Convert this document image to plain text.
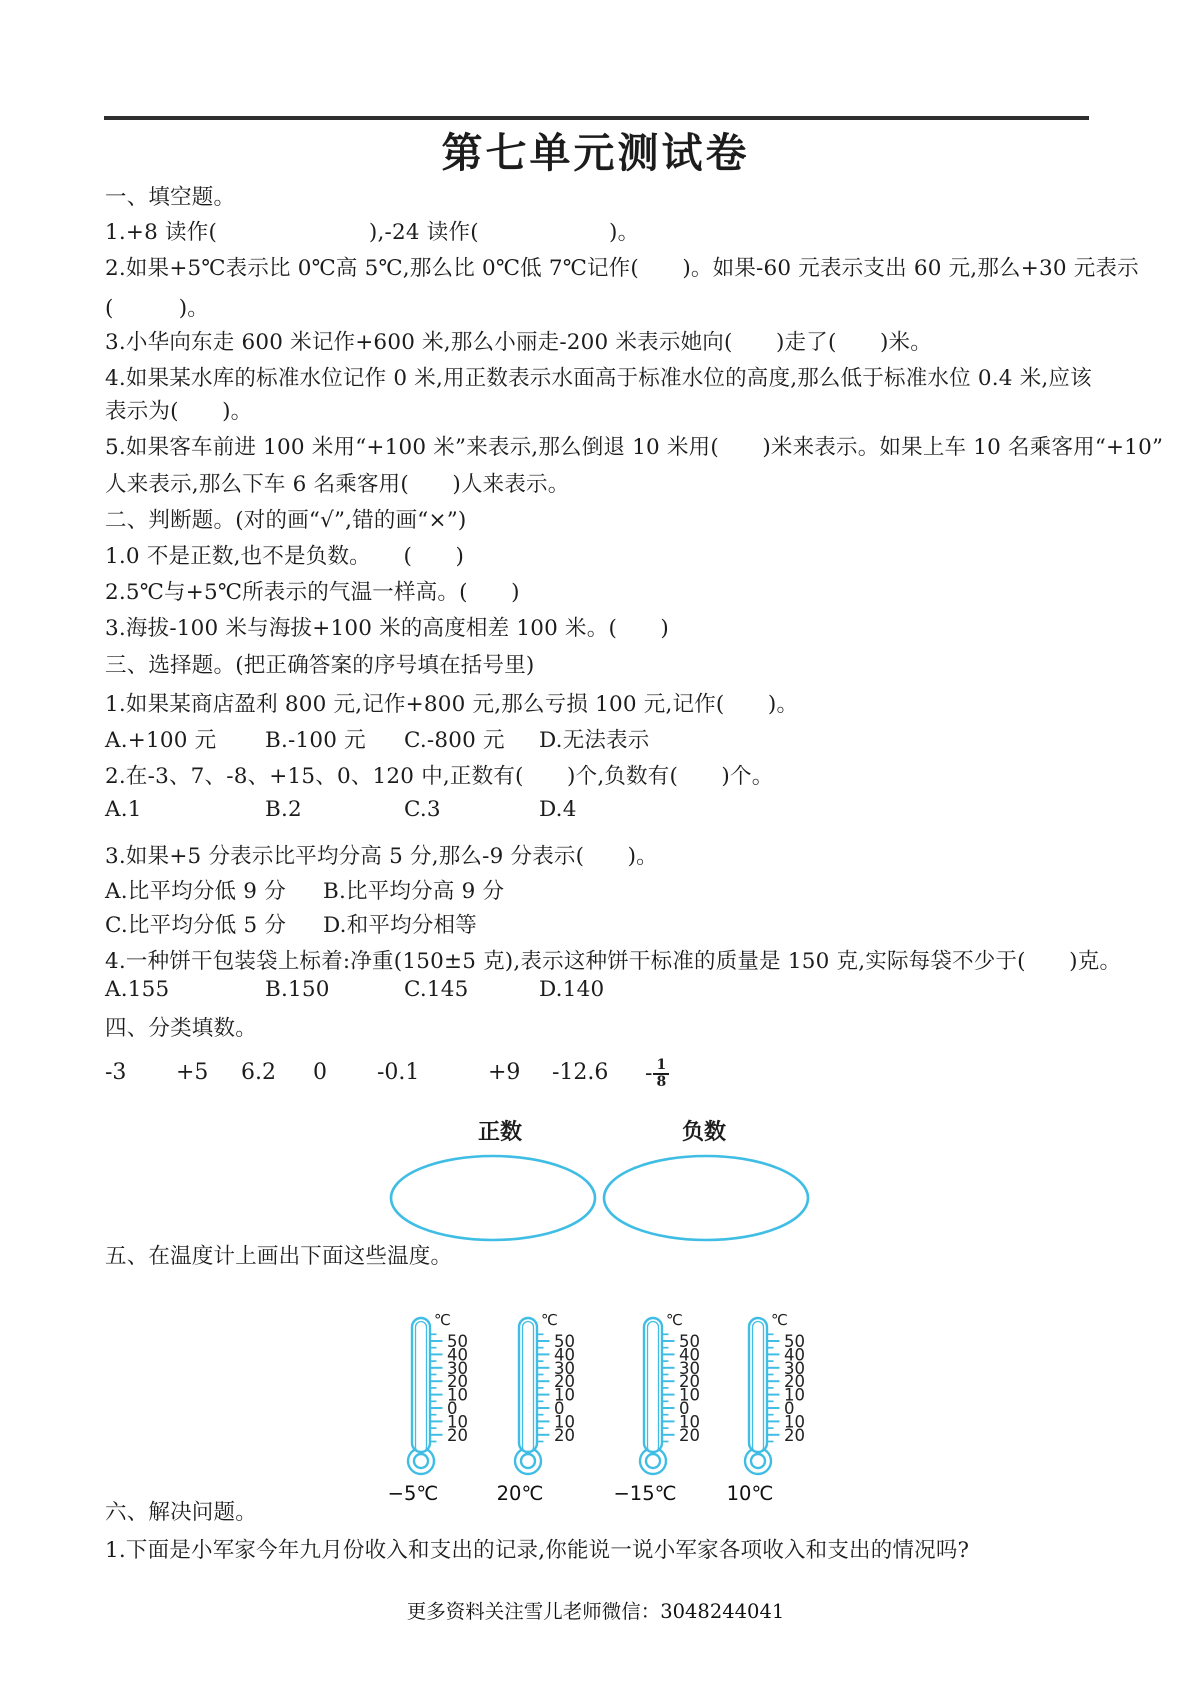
第七单元测试卷
一、填空题。
1.+8 读作(　　　　　　　),-24 读作(　　　　　　)。
2.如果+5℃表示比 0℃高 5℃,那么比 0℃低 7℃记作(　　)。如果-60 元表示支出 60 元,那么+30 元表示
(　　　)。
3.小华向东走 600 米记作+600 米,那么小丽走-200 米表示她向(　　)走了(　　)米。
4.如果某水库的标准水位记作 0 米,用正数表示水面高于标准水位的高度,那么低于标准水位 0.4 米,应该
表示为(　　)。
5.如果客车前进 100 米用“+100 米”来表示,那么倒退 10 米用(　　)米来表示。如果上车 10 名乘客用“+10”
人来表示,那么下车 6 名乘客用(　　)人来表示。
二、判断题。(对的画“√”,错的画“×”)
1.0 不是正数,也不是负数。　　(　　)
2.5℃与+5℃所表示的气温一样高。(　　)
3.海拔-100 米与海拔+100 米的高度相差 100 米。(　　)
三、选择题。(把正确答案的序号填在括号里)
1.如果某商店盈利 800 元,记作+800 元,那么亏损 100 元,记作(　　)。
A.+100 元 B.-100 元 C.-800 元 D.无法表示
2.在-3、7、-8、+15、0、120 中,正数有(　　)个,负数有(　　)个。
A.1	B.2	C.3	D.4
3.如果+5 分表示比平均分高 5 分,那么-9 分表示(　　)。
A.比平均分低 9 分 B.比平均分高 9 分
C.比平均分低 5 分 D.和平均分相等
4.一种饼干包装袋上标着:净重(150±5 克),表示这种饼干标准的质量是 150 克,实际每袋不少于(　　)克。
A.155	B.150	C.145	D.140
四、分类填数。
-3 +5 6.2 0 -0.1	+9 $-12.6 - \frac{1}{8}$
正数	负数
五、在温度计上画出下面这些温度。
50
40
30
20
10
0
10
20
℃
−5℃
50
40
30
20
10
0
10
20
℃
20℃
50
40
30
20
10
0
10
20
℃
−15℃
50
40
30
20
10
0
10
20
℃
10℃
六、解决问题。
1.下面是小军家今年九月份收入和支出的记录,你能说一说小军家各项收入和支出的情况吗?
更多资料关注雪儿老师微信：3048244041
